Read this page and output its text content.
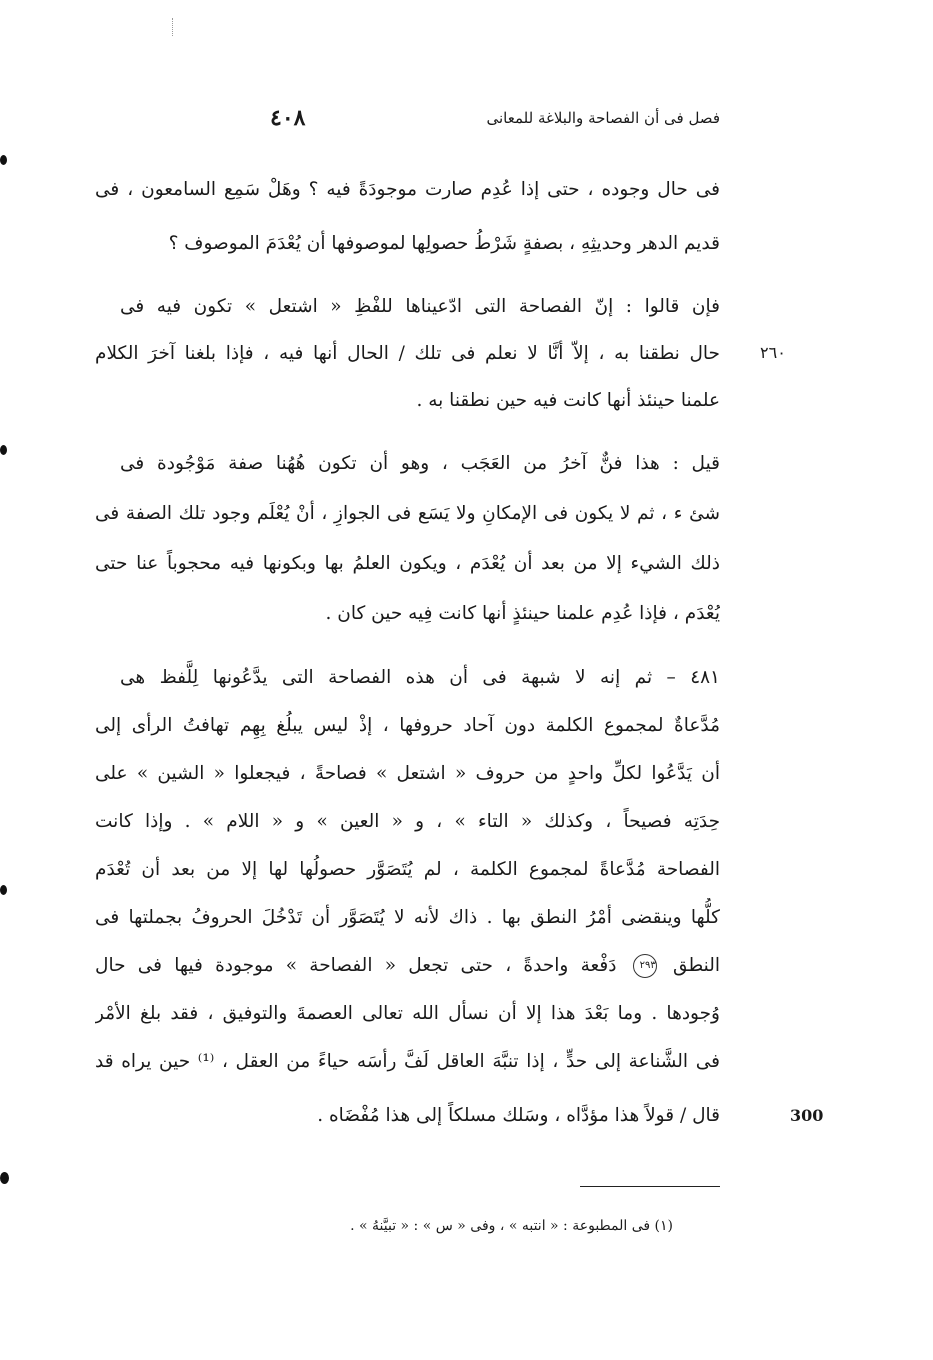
٤٠٨	فصل فى أن الفصاحة والبلاغة للمعانى
فى حال وجوده ، حتى إذا عُدِم صارت موجودَةً فيه ؟ وهَلْ سَمِع السامعون ، فى
قديم الدهر وحديثِهِ ، بصفةٍ شَرْطُ حصولِها لموصوفها أن يُعْدَمَ الموصوف ؟
فإن قالوا : إنّ الفصاحة التى ادّعيناها للفْظِ « اشتعل » تكون فيه فى
حال نطقنا به ، إلاّ أنَّا لا نعلم فى تلك / الحال أنها فيه ، فإذا بلغنا آخرَ الكلام
علمنا حينئذ أنها كانت فيه حين نطقنا به .
قيل : هذا فنٌّ آخرُ من العَجَب ، وهو أن تكون هُهُنا صفة مَوْجُودة فى
شئ ء ، ثم لا يكون فى الإمكانِ ولا يَسَع فى الجوازِ ، أنْ يُعْلَم وجود تلك الصفة فى
ذلك الشيء إلا من بعد أن يُعْدَم ، ويكون العلمُ بها وبكونها فيه محجوباً عنا حتى
يُعْدَم ، فإذا عُدِم علمنا حينئذٍ أنها كانت فِيه حين كان .
٤٨١ – ثم إنه لا شبهة فى أن هذه الفصاحة التى يدَّعُونها لِلَّفظ هى
مُدَّعاةٌ لمجموع الكلمة دون آحاد حروفها ، إذْ ليس يبلُغ بِهِم تهافتُ الرأى إلى
أن يَدَّعُوا لكلِّ واحدٍ من حروف « اشتعل » فصاحةً ، فيجعلوا « الشين » على
حِدَتِه فصيحاً ، وكذلك « التاء » ، و « العين » و « اللام » . وإذا كانت
الفصاحة مُدَّعاةً لمجموع الكلمة ، لم يُتَصَوَّر حصولُها لها إلا من بعد أن تُعْدَم
كلُّها وينقضى أمْرُ النطق بها . ذاك لأنه لا يُتَصَوَّر أن تَدْخُلَ الحروفُ بجملتها فى
النطق ٢٩٣ دَفْعة واحدةً ، حتى تجعل « الفصاحة » موجودة فيها فى حال
وُجودها . وما بَعْدَ هذا إلا أن نسأل الله تعالى العصمةَ والتوفيق ، فقد بلغ الأمْر
فى الشَّناعة إلى حدٍّ ، إذا تنبَّهَ العاقل لَفَّ رأسَه حياءً من العقل ، ⁽¹⁾ حين يراه قد
قال / قولاً هذا مؤدَّاه ، وسَلك مسلكاً إلى هذا مُفْضَاه .
٢٦٠
300
(١) فى المطبوعة : « انتبه » ، وفى « س » : « تبيَّنهُ » .
